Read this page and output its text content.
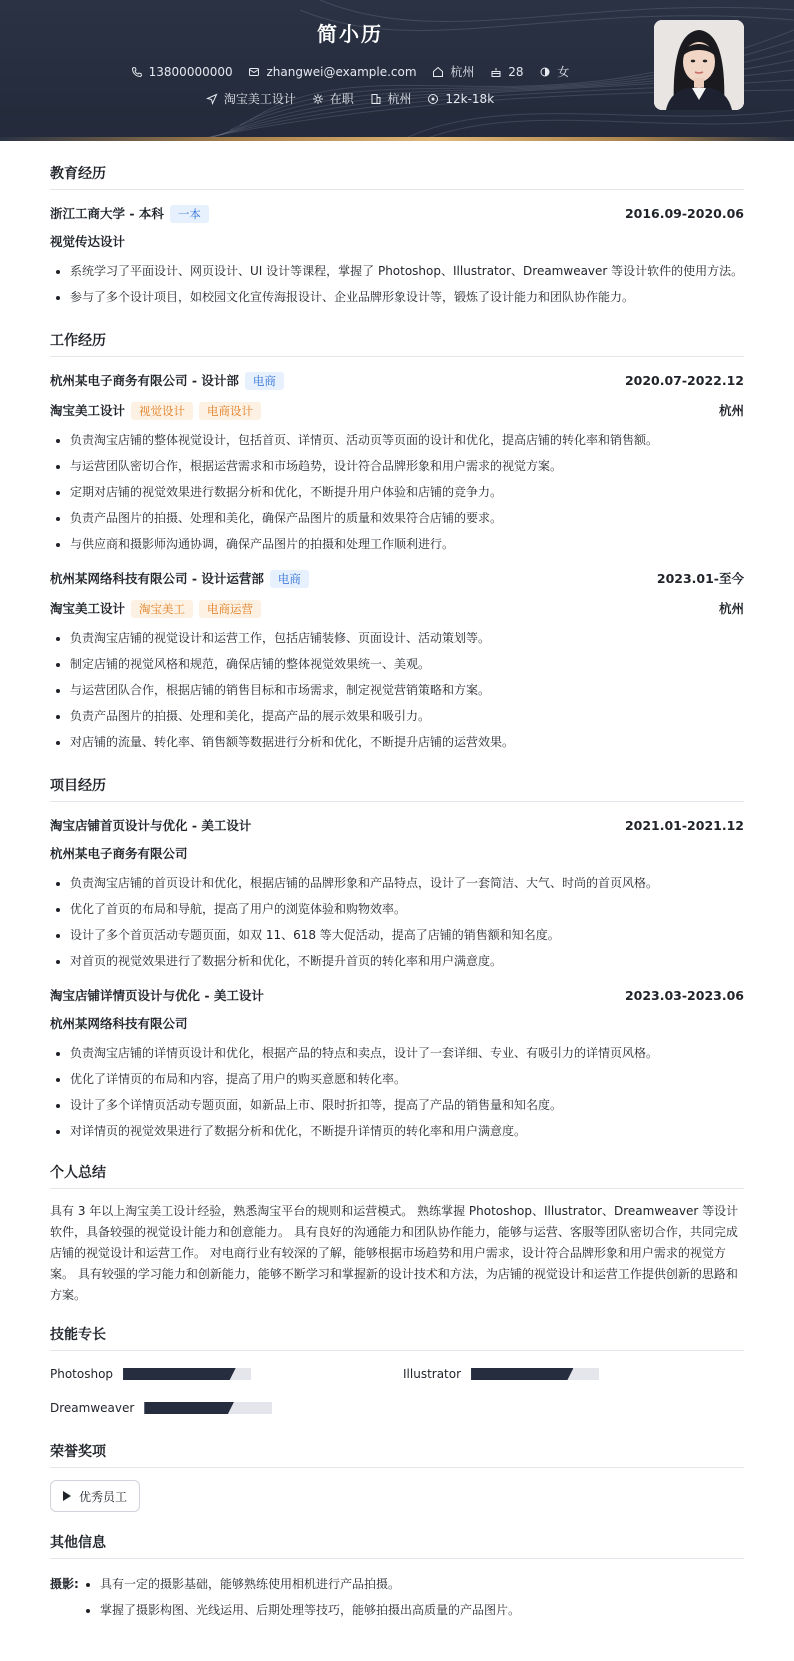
简小历
13800000000	zhangwei@example.com	杭州	28	女
淘宝美工设计	在职	杭州	12k-18k
教育经历
浙江工商大学 - 本科 一本	2016.09-2020.06
视觉传达设计
• 系统学习了平面设计、网页设计、UI 设计等课程，掌握了 Photoshop、Illustrator、Dreamweaver 等设计软件的使用方法。
• 参与了多个设计项目，如校园文化宣传海报设计、企业品牌形象设计等，锻炼了设计能力和团队协作能力。
工作经历
杭州某电子商务有限公司 - 设计部 电商	2020.07-2022.12
淘宝美工设计 视觉设计 电商设计	杭州
• 负责淘宝店铺的整体视觉设计，包括首页、详情页、活动页等页面的设计和优化，提高店铺的转化率和销售额。
• 与运营团队密切合作，根据运营需求和市场趋势，设计符合品牌形象和用户需求的视觉方案。
• 定期对店铺的视觉效果进行数据分析和优化，不断提升用户体验和店铺的竞争力。
• 负责产品图片的拍摄、处理和美化，确保产品图片的质量和效果符合店铺的要求。
• 与供应商和摄影师沟通协调，确保产品图片的拍摄和处理工作顺利进行。
杭州某网络科技有限公司 - 设计运营部 电商	2023.01-至今
淘宝美工设计 淘宝美工 电商运营	杭州
• 负责淘宝店铺的视觉设计和运营工作，包括店铺装修、页面设计、活动策划等。
• 制定店铺的视觉风格和规范，确保店铺的整体视觉效果统一、美观。
• 与运营团队合作，根据店铺的销售目标和市场需求，制定视觉营销策略和方案。
• 负责产品图片的拍摄、处理和美化，提高产品的展示效果和吸引力。
• 对店铺的流量、转化率、销售额等数据进行分析和优化，不断提升店铺的运营效果。
项目经历
淘宝店铺首页设计与优化 - 美工设计	2021.01-2021.12
杭州某电子商务有限公司
• 负责淘宝店铺的首页设计和优化，根据店铺的品牌形象和产品特点，设计了一套简洁、大气、时尚的首页风格。
• 优化了首页的布局和导航，提高了用户的浏览体验和购物效率。
• 设计了多个首页活动专题页面，如双 11、618 等大促活动，提高了店铺的销售额和知名度。
• 对首页的视觉效果进行了数据分析和优化，不断提升首页的转化率和用户满意度。
淘宝店铺详情页设计与优化 - 美工设计	2023.03-2023.06
杭州某网络科技有限公司
• 负责淘宝店铺的详情页设计和优化，根据产品的特点和卖点，设计了一套详细、专业、有吸引力的详情页风格。
• 优化了详情页的布局和内容，提高了用户的购买意愿和转化率。
• 设计了多个详情页活动专题页面，如新品上市、限时折扣等，提高了产品的销售量和知名度。
• 对详情页的视觉效果进行了数据分析和优化，不断提升详情页的转化率和用户满意度。
个人总结
具有 3 年以上淘宝美工设计经验，熟悉淘宝平台的规则和运营模式。 熟练掌握 Photoshop、Illustrator、Dreamweaver 等设计软件，具备较强的视觉设计能力和创意能力。 具有良好的沟通能力和团队协作能力，能够与运营、客服等团队密切合作，共同完成店铺的视觉设计和运营工作。 对电商行业有较深的了解，能够根据市场趋势和用户需求，设计符合品牌形象和用户需求的视觉方案。 具有较强的学习能力和创新能力，能够不断学习和掌握新的设计技术和方法，为店铺的视觉设计和运营工作提供创新的思路和方案。
技能专长
Photoshop	Illustrator
Dreamweaver
荣誉奖项
优秀员工
其他信息
摄影:
• 具有一定的摄影基础，能够熟练使用相机进行产品拍摄。
• 掌握了摄影构图、光线运用、后期处理等技巧，能够拍摄出高质量的产品图片。
